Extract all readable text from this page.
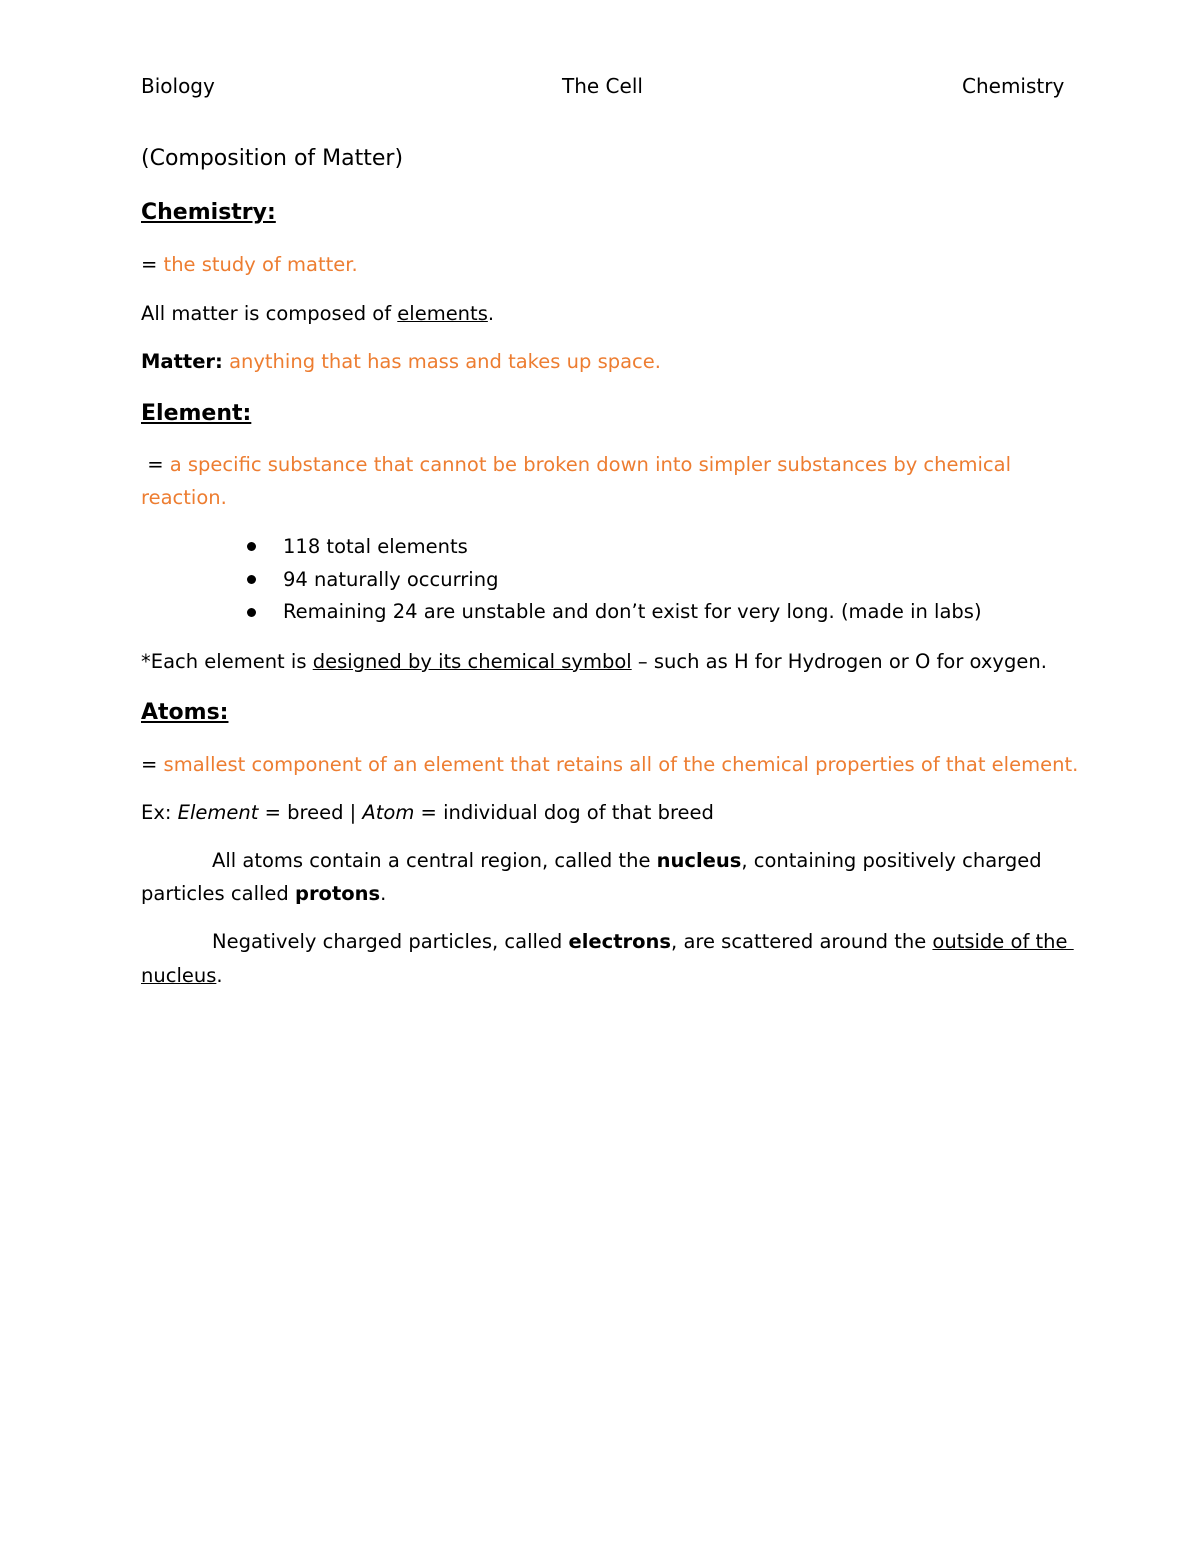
Biology	The Cell	Chemistry
(Composition of Matter)
Chemistry:
= the study of matter.
All matter is composed of elements.
Matter: anything that has mass and takes up space.
Element:
= a specific substance that cannot be broken down into simpler substances by chemical
reaction.
118 total elements
94 naturally occurring
Remaining 24 are unstable and don’t exist for very long. (made in labs)
*Each element is designed by its chemical symbol – such as H for Hydrogen or O for oxygen.
Atoms:
= smallest component of an element that retains all of the chemical properties of that element.
Ex: Element = breed | Atom = individual dog of that breed
All atoms contain a central region, called the nucleus, containing positively charged
particles called protons.
Negatively charged particles, called electrons, are scattered around the outside of the
nucleus.
